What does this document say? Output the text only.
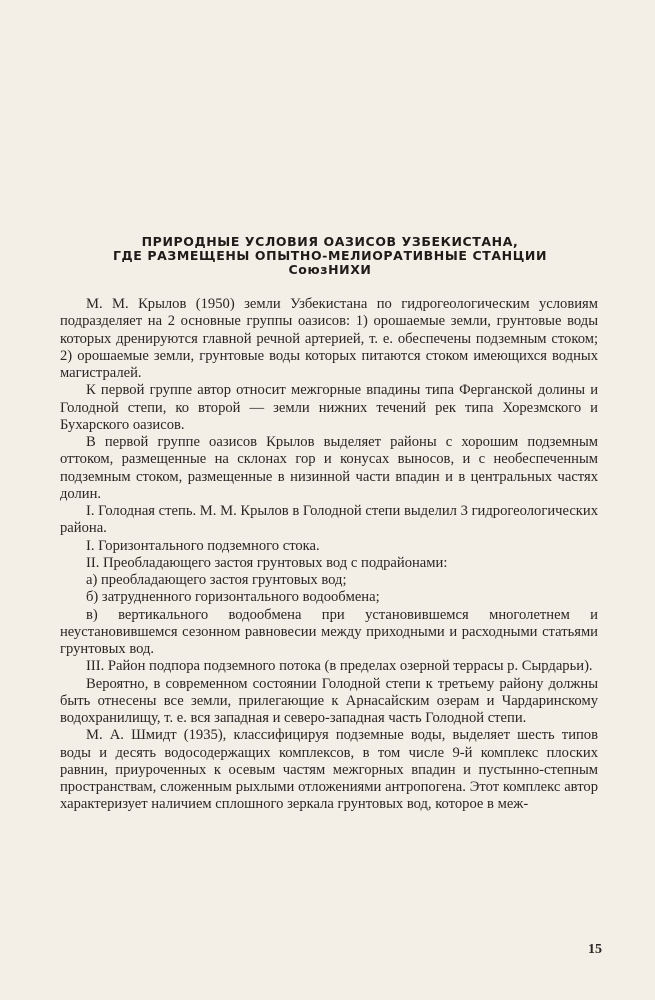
ПРИРОДНЫЕ УСЛОВИЯ ОАЗИСОВ УЗБЕКИСТАНА,
ГДЕ РАЗМЕЩЕНЫ ОПЫТНО-МЕЛИОРАТИВНЫЕ СТАНЦИИ
СоюзНИХИ

М. М. Крылов (1950) земли Узбекистана по гидрогеологическим условиям подразделяет на 2 основные группы оазисов: 1) орошаемые земли, грунтовые воды которых дренируются главной речной артерией, т. е. обеспечены подземным стоком; 2) орошаемые земли, грунтовые воды которых питаются стоком имеющихся водных магистралей.

К первой группе автор относит межгорные впадины типа Ферганской долины и Голодной степи, ко второй — земли нижних течений рек типа Хорезмского и Бухарского оазисов.

В первой группе оазисов Крылов выделяет районы с хорошим подземным оттоком, размещенные на склонах гор и конусах выносов, и с необеспеченным подземным стоком, размещенные в низинной части впадин и в центральных частях долин.

I. Голодная степь. М. М. Крылов в Голодной степи выделил 3 гидрогеологических района.

I. Горизонтального подземного стока.

II. Преобладающего застоя грунтовых вод с подрайонами:

а) преобладающего застоя грунтовых вод;

б) затрудненного горизонтального водообмена;

в) вертикального водообмена при установившемся многолетнем и неустановившемся сезонном равновесии между приходными и расходными статьями грунтовых вод.

III. Район подпора подземного потока (в пределах озерной террасы р. Сырдарьи).

Вероятно, в современном состоянии Голодной степи к третьему району должны быть отнесены все земли, прилегающие к Арнасайским озерам и Чардаринскому водохранилищу, т. е. вся западная и северо-западная часть Голодной степи.

М. А. Шмидт (1935), классифицируя подземные воды, выделяет шесть типов воды и десять водосодержащих комплексов, в том числе 9-й комплекс плоских равнин, приуроченных к осевым частям межгорных впадин и пустынно-степным пространствам, сложенным рыхлыми отложениями антропогена. Этот комплекс автор характеризует наличием сплошного зеркала грунтовых вод, которое в меж-

15
